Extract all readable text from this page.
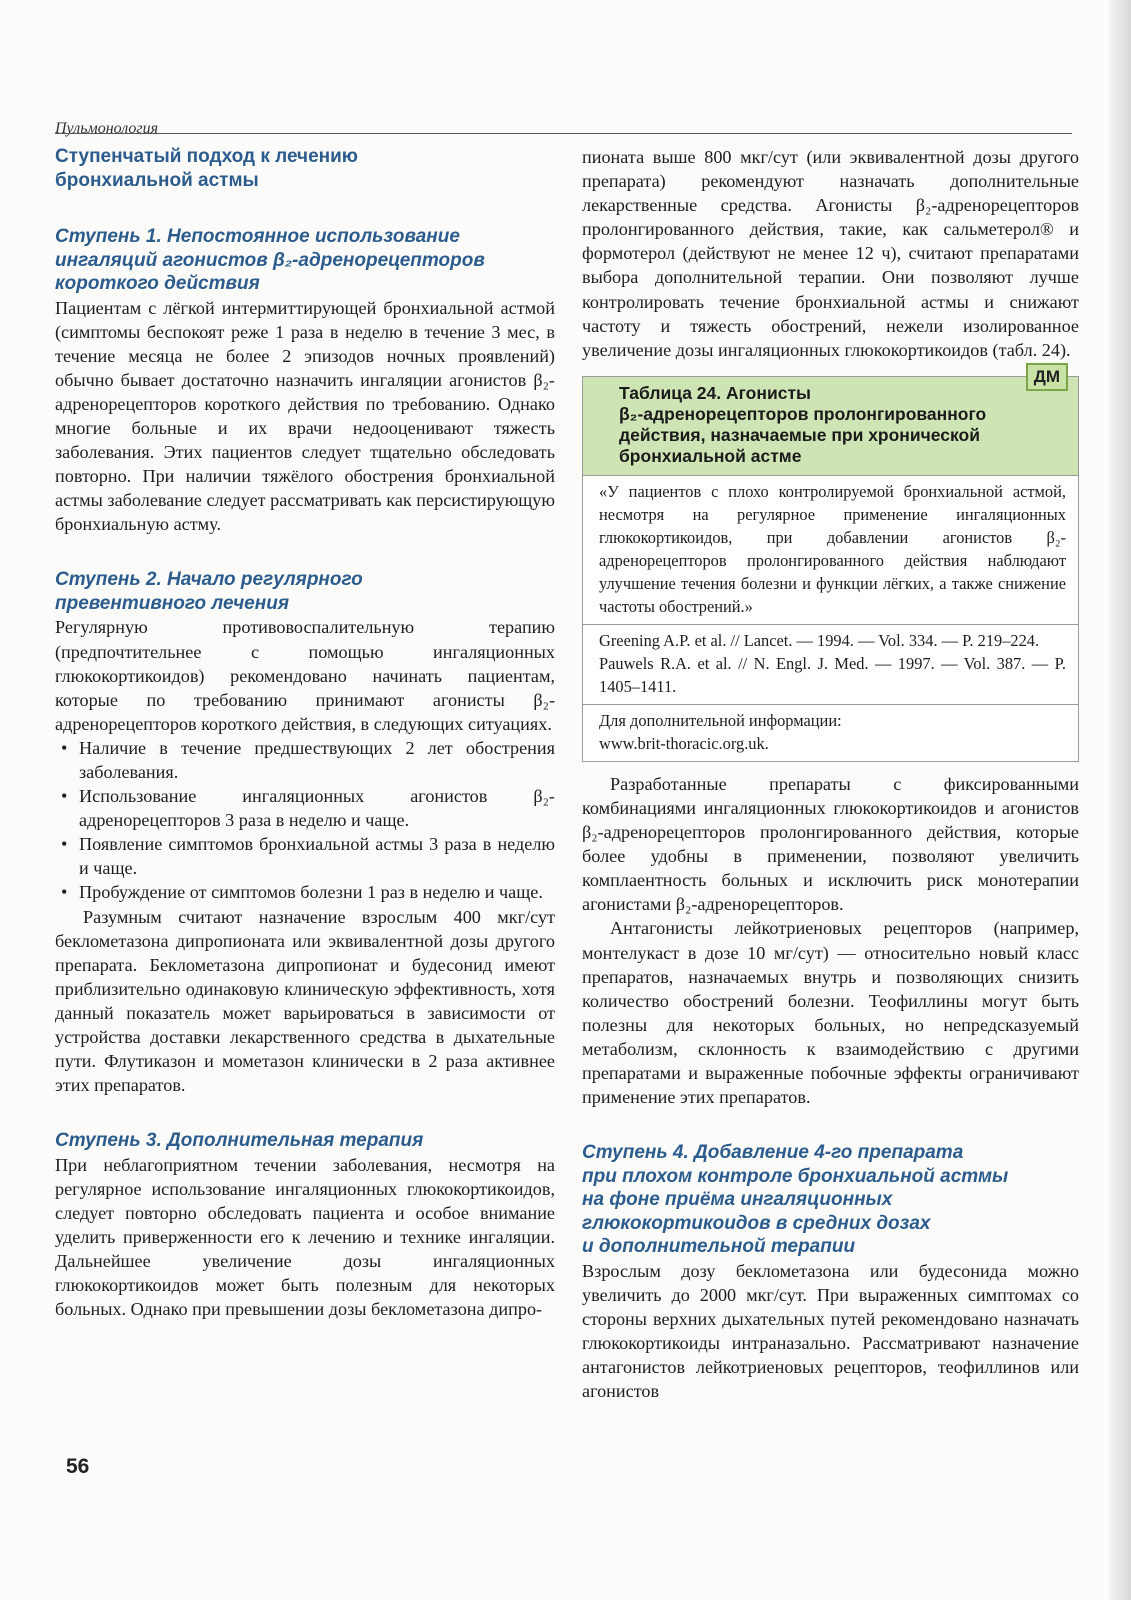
Пульмонология
Ступенчатый подход к лечению
бронхиальной астмы
Ступень 1. Непостоянное использование
ингаляций агонистов β₂-адренорецепторов
короткого действия

Пациентам с лёгкой интермиттирующей бронхиальной астмой (симптомы беспокоят реже 1 раза в неделю в течение 3 мес, в течение месяца не более 2 эпизодов ночных проявлений) обычно бывает достаточно назначить ингаляции агонистов β₂-адренорецепторов короткого действия по требованию. Однако многие больные и их врачи недооценивают тяжесть заболевания. Этих пациентов следует тщательно обследовать повторно. При наличии тяжёлого обострения бронхиальной астмы заболевание следует рассматривать как персистирующую бронхиальную астму.

Ступень 2. Начало регулярного
превентивного лечения

Регулярную противовоспалительную терапию (предпочтительнее с помощью ингаляционных глюкокортикоидов) рекомендовано начинать пациентам, которые по требованию принимают агонисты β₂-адренорецепторов короткого действия, в следующих ситуациях.

• Наличие в течение предшествующих 2 лет обострения заболевания.
• Использование ингаляционных агонистов β₂-адренорецепторов 3 раза в неделю и чаще.
• Появление симптомов бронхиальной астмы 3 раза в неделю и чаще.
• Пробуждение от симптомов болезни 1 раз в неделю и чаще.

Разумным считают назначение взрослым 400 мкг/сут беклометазона дипропионата или эквивалентной дозы другого препарата. Беклометазона дипропионат и будесонид имеют приблизительно одинаковую клиническую эффективность, хотя данный показатель может варьироваться в зависимости от устройства доставки лекарственного средства в дыхательные пути. Флутиказон и мометазон клинически в 2 раза активнее этих препаратов.

Ступень 3. Дополнительная терапия

При неблагоприятном течении заболевания, несмотря на регулярное использование ингаляционных глюкокортикоидов, следует повторно обследовать пациента и особое внимание уделить приверженности его к лечению и технике ингаляции. Дальнейшее увеличение дозы ингаляционных глюкокортикоидов может быть полезным для некоторых больных. Однако при превышении дозы беклометазона дипро-

пионата выше 800 мкг/сут (или эквивалентной дозы другого препарата) рекомендуют назначать дополнительные лекарственные средства. Агонисты β₂-адренорецепторов пролонгированного действия, такие, как сальметерол® и формотерол (действуют не менее 12 ч), считают препаратами выбора дополнительной терапии. Они позволяют лучше контролировать течение бронхиальной астмы и снижают частоту и тяжесть обострений, нежели изолированное увеличение дозы ингаляционных глюкокортикоидов (табл. 24).

ДМ
Таблица 24. Агонисты
β₂-адренорецепторов пролонгированного
действия, назначаемые при хронической
бронхиальной астме
«У пациентов с плохо контролируемой бронхиальной астмой, несмотря на регулярное применение ингаляционных глюкокортикоидов, при добавлении агонистов β₂-адренорецепторов пролонгированного действия наблюдают улучшение течения болезни и функции лёгких, а также снижение частоты обострений.»
Greening A.P. et al. // Lancet. — 1994. — Vol. 334. — P. 219–224.
Pauwels R.A. et al. // N. Engl. J. Med. — 1997. — Vol. 387. — P. 1405–1411.
Для дополнительной информации:
www.brit-thoracic.org.uk.

Разработанные препараты с фиксированными комбинациями ингаляционных глюкокортикоидов и агонистов β₂-адренорецепторов пролонгированного действия, которые более удобны в применении, позволяют увеличить комплаентность больных и исключить риск монотерапии агонистами β₂-адренорецепторов.

Антагонисты лейкотриеновых рецепторов (например, монтелукаст в дозе 10 мг/сут) — относительно новый класс препаратов, назначаемых внутрь и позволяющих снизить количество обострений болезни. Теофиллины могут быть полезны для некоторых больных, но непредсказуемый метаболизм, склонность к взаимодействию с другими препаратами и выраженные побочные эффекты ограничивают применение этих препаратов.

Ступень 4. Добавление 4-го препарата
при плохом контроле бронхиальной астмы
на фоне приёма ингаляционных
глюкокортикоидов в средних дозах
и дополнительной терапии

Взрослым дозу беклометазона или будесонида можно увеличить до 2000 мкг/сут. При выраженных симптомах со стороны верхних дыхательных путей рекомендовано назначать глюкокортикоиды интраназально. Рассматривают назначение антагонистов лейкотриеновых рецепторов, теофиллинов или агонистов

56
